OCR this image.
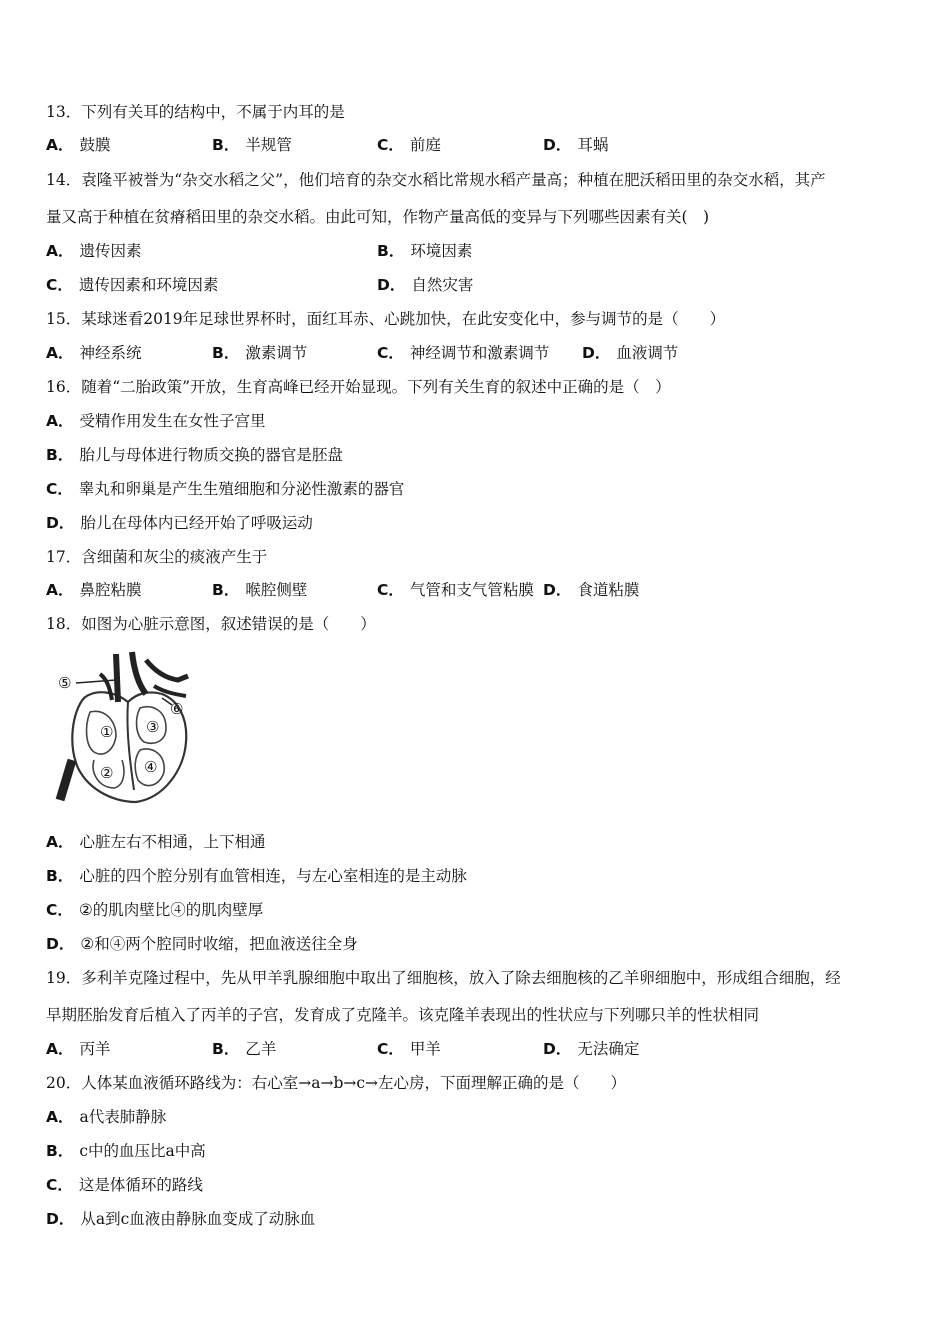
13．下列有关耳的结构中，不属于内耳的是
A． 鼓膜	B． 半规管	C． 前庭	D． 耳蜗
14．袁隆平被誉为“杂交水稻之父”，他们培育的杂交水稻比常规水稻产量高；种植在肥沃稻田里的杂交水稻，其产
量又高于种植在贫瘠稻田里的杂交水稻。由此可知，作物产量高低的变异与下列哪些因素有关(　)
A． 遗传因素	B． 环境因素
C． 遗传因素和环境因素	D． 自然灾害
15．某球迷看2019年足球世界杯时，面红耳赤、心跳加快，在此安变化中，参与调节的是（　　）
A． 神经系统	B． 激素调节	C． 神经调节和激素调节 D． 血液调节
16．随着“二胎政策”开放，生育高峰已经开始显现。下列有关生育的叙述中正确的是（　）
A． 受精作用发生在女性子宫里
B． 胎儿与母体进行物质交换的器官是胚盘
C． 睾丸和卵巢是产生生殖细胞和分泌性激素的器官
D． 胎儿在母体内已经开始了呼吸运动
17．含细菌和灰尘的痰液产生于
A． 鼻腔粘膜	B． 喉腔侧壁	C． 气管和支气管粘膜 D． 食道粘膜
18．如图为心脏示意图，叙述错误的是（　　）
①
②
③
④
⑤
⑥
A． 心脏左右不相通，上下相通
B． 心脏的四个腔分别有血管相连，与左心室相连的是主动脉
C． ②的肌肉壁比④的肌肉壁厚
D． ②和④两个腔同时收缩，把血液送往全身
19．多利羊克隆过程中，先从甲羊乳腺细胞中取出了细胞核，放入了除去细胞核的乙羊卵细胞中，形成组合细胞，经
早期胚胎发育后植入了丙羊的子宫，发育成了克隆羊。该克隆羊表现出的性状应与下列哪只羊的性状相同
A． 丙羊	B． 乙羊	C． 甲羊	D． 无法确定
20．人体某血液循环路线为：右心室→a→b→c→左心房，下面理解正确的是（　　）
A． a代表肺静脉
B． c中的血压比a中高
C． 这是体循环的路线
D． 从a到c血液由静脉血变成了动脉血
